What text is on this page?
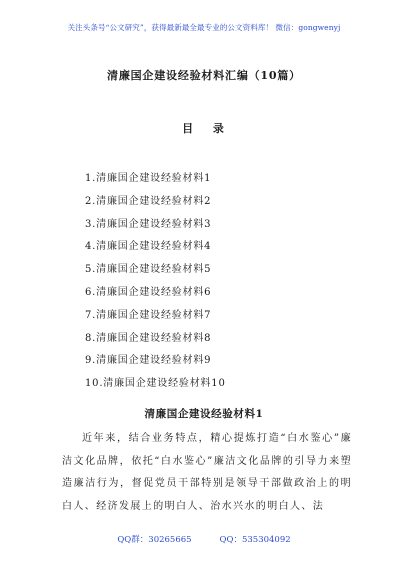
关注头条号“公文研究”，获得最新最全最专业的公文资料库！ 微信：gongwenyj
清廉国企建设经验材料汇编（10篇）
目 录
1.清廉国企建设经验材料1
2.清廉国企建设经验材料2
3.清廉国企建设经验材料3
4.清廉国企建设经验材料4
5.清廉国企建设经验材料5
6.清廉国企建设经验材料6
7.清廉国企建设经验材料7
8.清廉国企建设经验材料8
9.清廉国企建设经验材料9
10.清廉国企建设经验材料10
清廉国企建设经验材料1

近年来，结合业务特点，精心提炼打造“白水鉴心”廉洁文化品牌，依托“白水鉴心”廉洁文化品牌的引导力来塑造廉洁行为，督促党员干部特别是领导干部做政治上的明白人、经济发展上的明白人、治水兴水的明白人、法

QQ群：30265665	QQ：535304092
